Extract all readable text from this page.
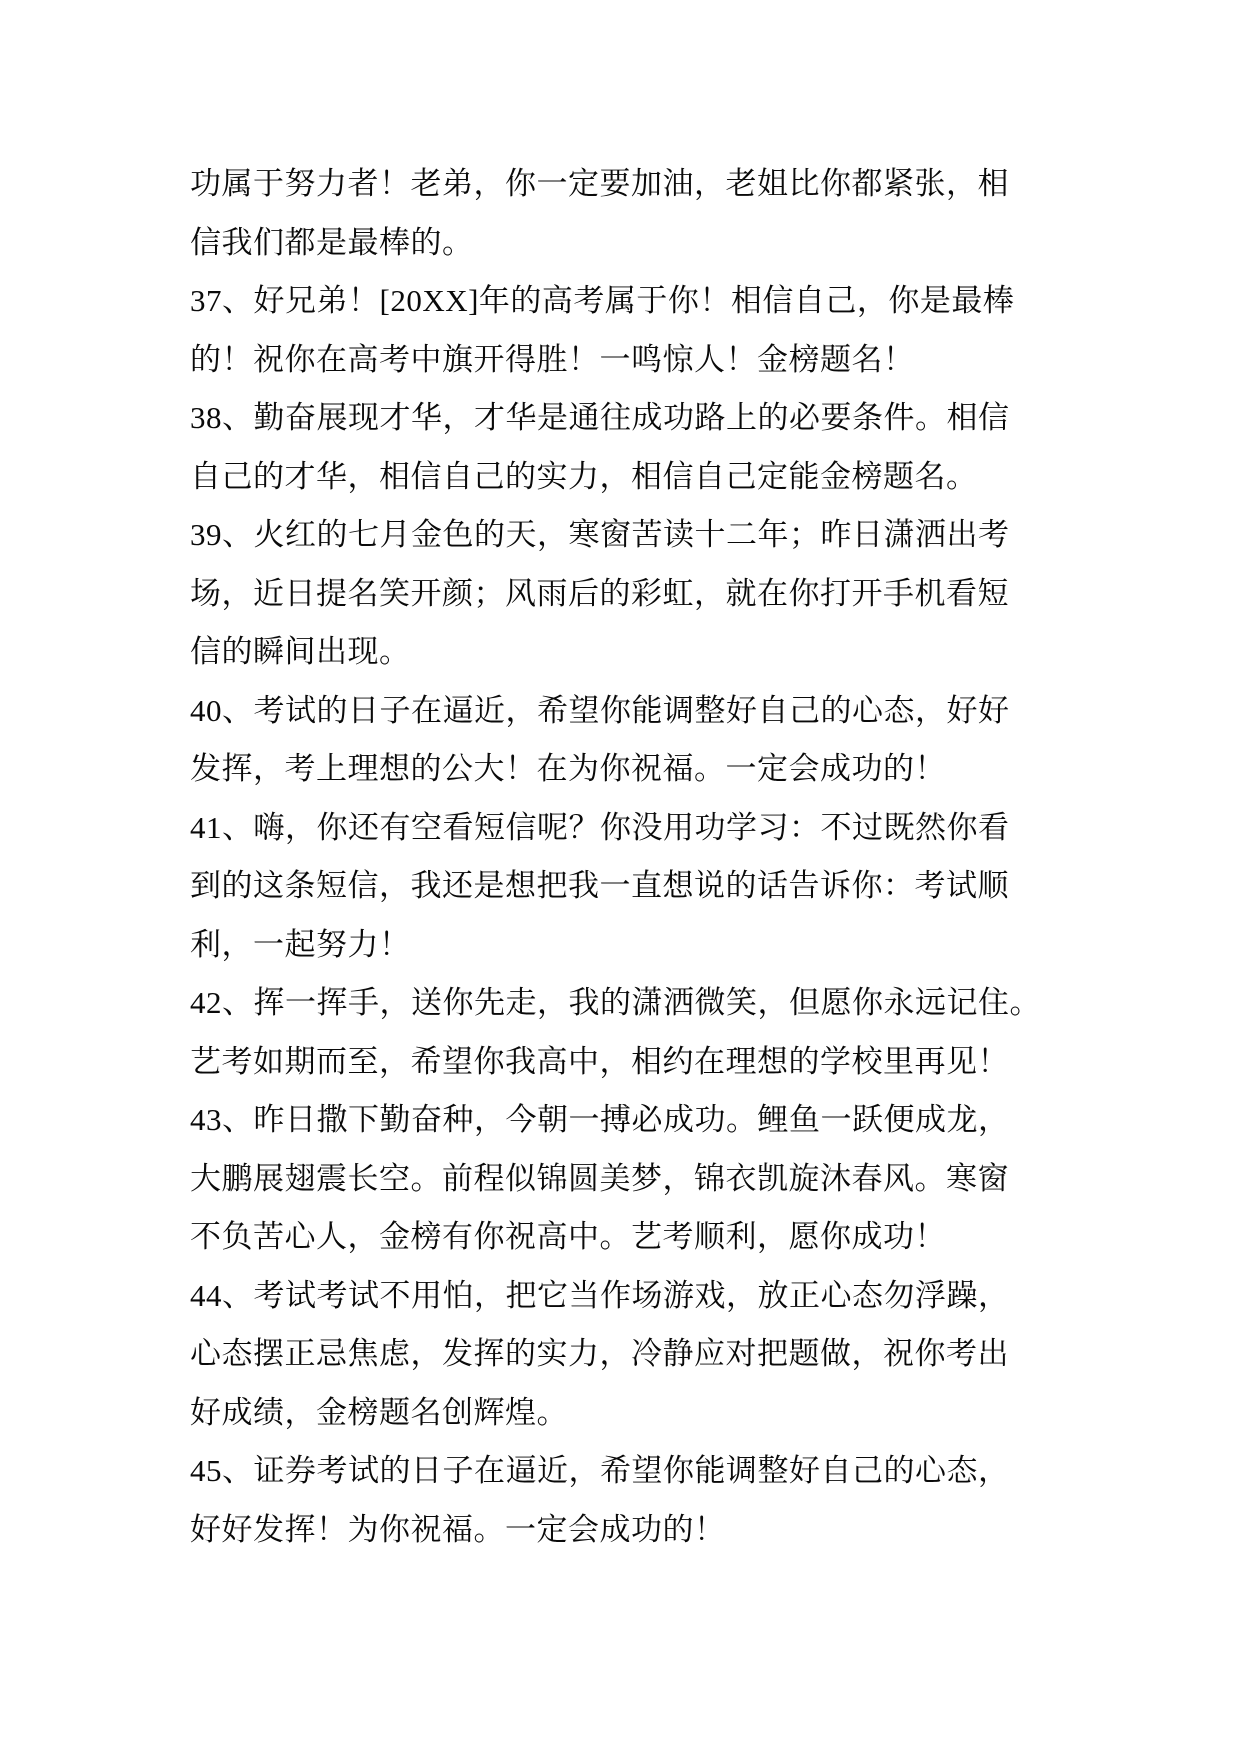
功属于努力者！老弟，你一定要加油，老姐比你都紧张，相
信我们都是最棒的。
37、好兄弟！[20XX]年的高考属于你！相信自己，你是最棒
的！祝你在高考中旗开得胜！一鸣惊人！金榜题名！
38、勤奋展现才华，才华是通往成功路上的必要条件。相信
自己的才华，相信自己的实力，相信自己定能金榜题名。
39、火红的七月金色的天，寒窗苦读十二年；昨日潇洒出考
场，近日提名笑开颜；风雨后的彩虹，就在你打开手机看短
信的瞬间出现。
40、考试的日子在逼近，希望你能调整好自己的心态，好好
发挥，考上理想的公大！在为你祝福。一定会成功的！
41、嗨，你还有空看短信呢？你没用功学习：不过既然你看
到的这条短信，我还是想把我一直想说的话告诉你：考试顺
利，一起努力！
42、挥一挥手，送你先走，我的潇洒微笑，但愿你永远记住。
艺考如期而至，希望你我高中，相约在理想的学校里再见！
43、昨日撒下勤奋种，今朝一搏必成功。鲤鱼一跃便成龙，
大鹏展翅震长空。前程似锦圆美梦，锦衣凯旋沐春风。寒窗
不负苦心人，金榜有你祝高中。艺考顺利，愿你成功！
44、考试考试不用怕，把它当作场游戏，放正心态勿浮躁，
心态摆正忌焦虑，发挥的实力，冷静应对把题做，祝你考出
好成绩，金榜题名创辉煌。
45、证券考试的日子在逼近，希望你能调整好自己的心态，
好好发挥！为你祝福。一定会成功的！
